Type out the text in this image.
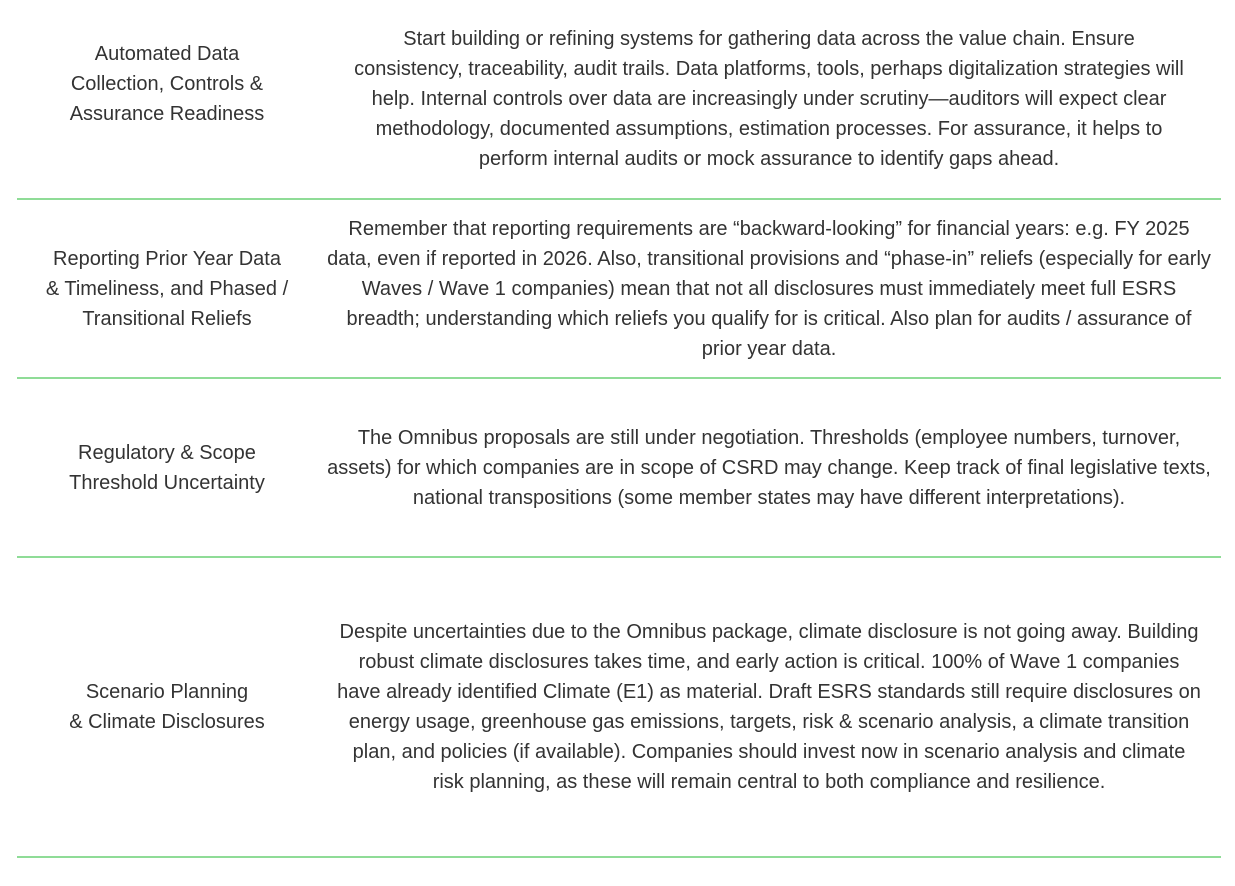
Automated Data
Collection, Controls &
Assurance Readiness
Start building or refining systems for gathering data across the value chain. Ensure consistency, traceability, audit trails. Data platforms, tools, perhaps digitalization strategies will help. Internal controls over data are increasingly under scrutiny—auditors will expect clear methodology, documented assumptions, estimation processes. For assurance, it helps to perform internal audits or mock assurance to identify gaps ahead.
Reporting Prior Year Data
& Timeliness, and Phased /
Transitional Reliefs
Remember that reporting requirements are “backward-looking” for financial years: e.g. FY 2025 data, even if reported in 2026. Also, transitional provisions and “phase-in” reliefs (especially for early Waves / Wave 1 companies) mean that not all disclosures must immediately meet full ESRS breadth; understanding which reliefs you qualify for is critical. Also plan for audits / assurance of prior year data.
Regulatory & Scope
Threshold Uncertainty
The Omnibus proposals are still under negotiation. Thresholds (employee numbers, turnover, assets) for which companies are in scope of CSRD may change. Keep track of final legislative texts, national transpositions (some member states may have different interpretations).
Scenario Planning
& Climate Disclosures
Despite uncertainties due to the Omnibus package, climate disclosure is not going away. Building robust climate disclosures takes time, and early action is critical. 100% of Wave 1 companies have already identified Climate (E1) as material. Draft ESRS standards still require disclosures on energy usage, greenhouse gas emissions, targets, risk & scenario analysis, a climate transition plan, and policies (if available). Companies should invest now in scenario analysis and climate risk planning, as these will remain central to both compliance and resilience.
